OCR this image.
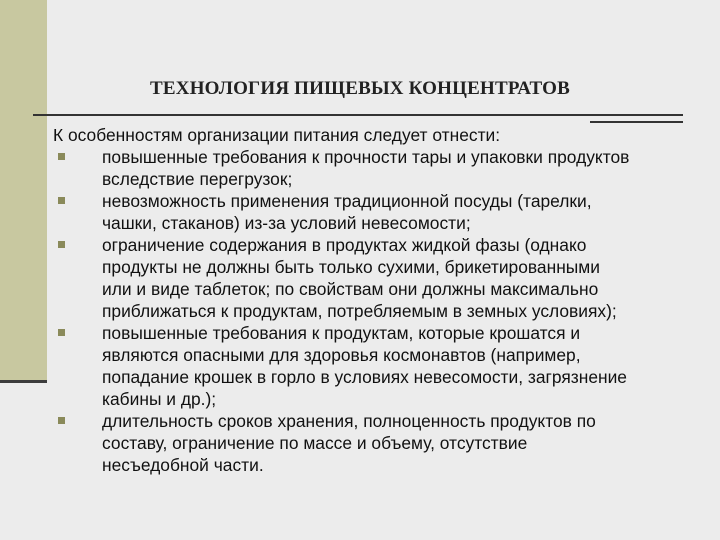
ТЕХНОЛОГИЯ ПИЩЕВЫХ КОНЦЕНТРАТОВ
К особенностям организации питания следует отнести:
повышенные требования к прочности тары и упаковки продуктов
вследствие перегрузок;
невозможность применения традиционной посуды (тарелки,
чашки, стаканов) из-за условий невесомости;
ограничение содержания в продуктах жидкой фазы (однако
продукты не должны быть только сухими, брикетированными
или и виде таблеток; по свойствам они должны максимально
приближаться к продуктам, потребляемым в земных условиях);
повышенные требования к продуктам, которые крошатся и
являются опасными для здоровья космонавтов (например,
попадание крошек в горло в условиях невесомости, загрязнение
кабины и др.);
длительность сроков хранения, полноценность продуктов по
составу, ограничение по массе и объему, отсутствие
несъедобной части.
